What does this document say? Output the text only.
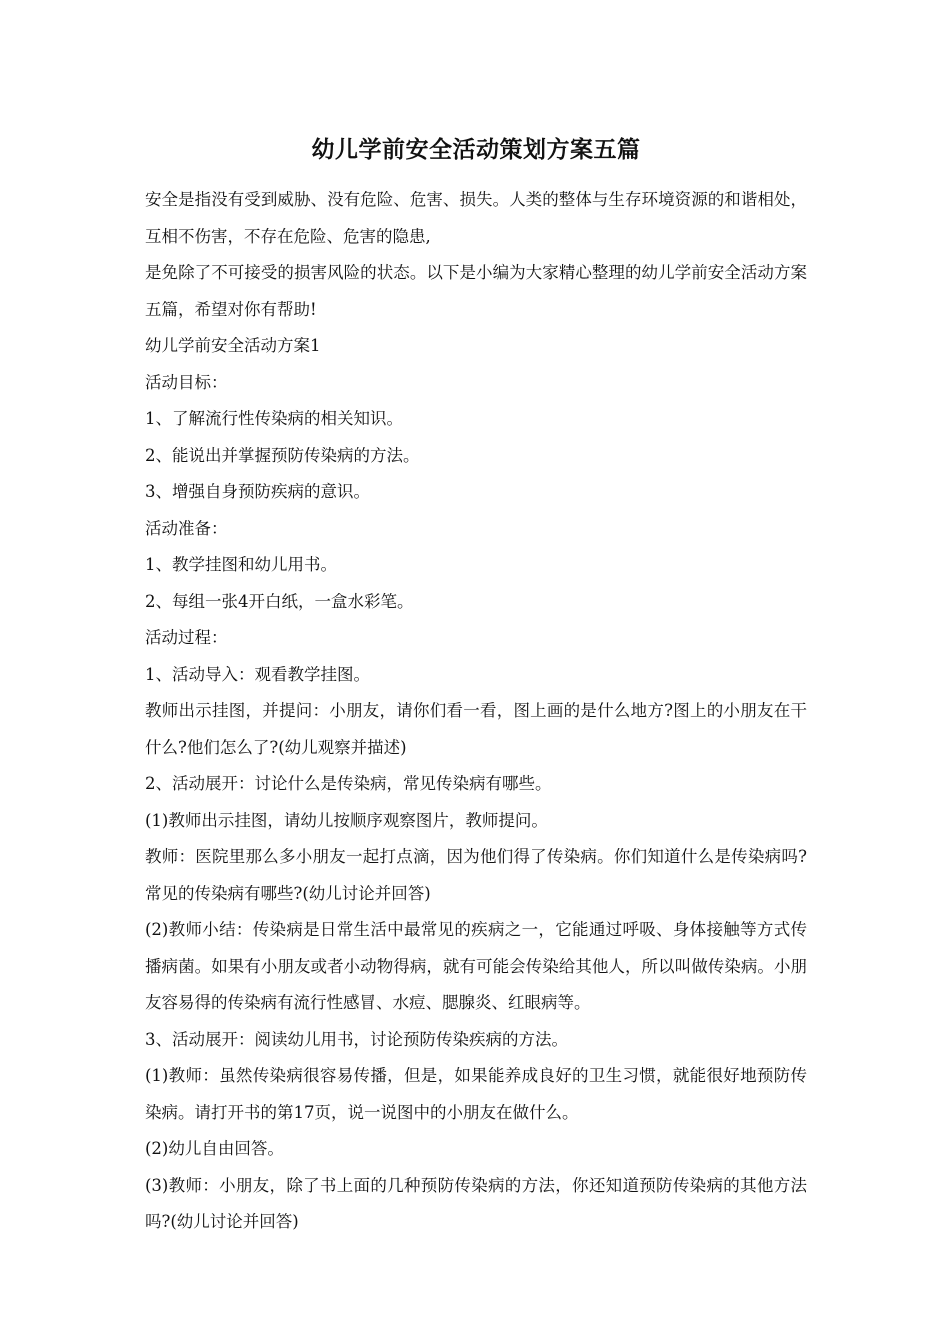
幼儿学前安全活动策划方案五篇

安全是指没有受到威胁、没有危险、危害、损失。人类的整体与生存环境资源的和谐相处，互相不伤害，不存在危险、危害的隐患,

是免除了不可接受的损害风险的状态。以下是小编为大家精心整理的幼儿学前安全活动方案五篇，希望对你有帮助!

幼儿学前安全活动方案1

活动目标：

1、了解流行性传染病的相关知识。

2、能说出并掌握预防传染病的方法。

3、增强自身预防疾病的意识。

活动准备：

1、教学挂图和幼儿用书。

2、每组一张4开白纸，一盒水彩笔。

活动过程：

1、活动导入：观看教学挂图。

教师出示挂图，并提问：小朋友，请你们看一看，图上画的是什么地方?图上的小朋友在干什么?他们怎么了?(幼儿观察并描述)

2、活动展开：讨论什么是传染病，常见传染病有哪些。

(1)教师出示挂图，请幼儿按顺序观察图片，教师提问。

教师：医院里那么多小朋友一起打点滴，因为他们得了传染病。你们知道什么是传染病吗?常见的传染病有哪些?(幼儿讨论并回答)

(2)教师小结：传染病是日常生活中最常见的疾病之一，它能通过呼吸、身体接触等方式传播病菌。如果有小朋友或者小动物得病，就有可能会传染给其他人，所以叫做传染病。小朋友容易得的传染病有流行性感冒、水痘、腮腺炎、红眼病等。

3、活动展开：阅读幼儿用书，讨论预防传染疾病的方法。

(1)教师：虽然传染病很容易传播，但是，如果能养成良好的卫生习惯，就能很好地预防传染病。请打开书的第17页，说一说图中的小朋友在做什么。

(2)幼儿自由回答。

(3)教师：小朋友，除了书上面的几种预防传染病的方法，你还知道预防传染病的其他方法吗?(幼儿讨论并回答)
